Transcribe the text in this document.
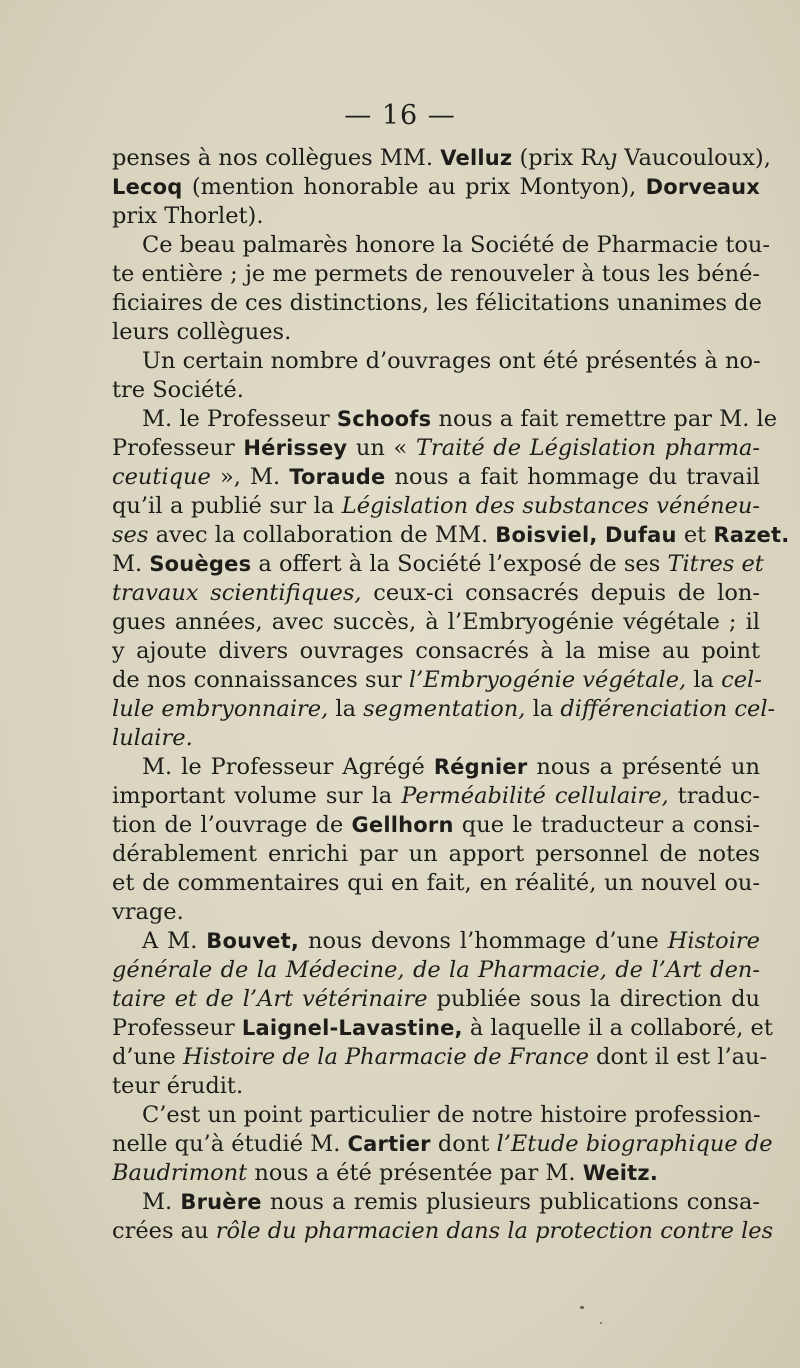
— 16 —
penses à nos collègues MM. Velluz (prix Rᴧȷ Vaucouloux),
Lecoq (mention honorable au prix Montyon), Dorveaux
prix Thorlet).
Ce beau palmarès honore la Société de Pharmacie tou-
te entière ; je me permets de renouveler à tous les béné-
ficiaires de ces distinctions, les félicitations unanimes de
leurs collègues.
Un certain nombre d’ouvrages ont été présentés à no-
tre Société.
M. le Professeur Schoofs nous a fait remettre par M. le
Professeur Hérissey un « Traité de Législation pharma-
ceutique », M. Toraude nous a fait hommage du travail
qu’il a publié sur la Législation des substances vénéneu-
ses avec la collaboration de MM. Boisviel, Dufau et Razet.
M. Souèges a offert à la Société l’exposé de ses Titres et
travaux scientifiques, ceux-ci consacrés depuis de lon-
gues années, avec succès, à l’Embryogénie végétale ; il
y ajoute divers ouvrages consacrés à la mise au point
de nos connaissances sur l’Embryogénie végétale, la cel-
lule embryonnaire, la segmentation, la différenciation cel-
lulaire.
M. le Professeur Agrégé Régnier nous a présenté un
important volume sur la Perméabilité cellulaire, traduc-
tion de l’ouvrage de Gellhorn que le traducteur a consi-
dérablement enrichi par un apport personnel de notes
et de commentaires qui en fait, en réalité, un nouvel ou-
vrage.
A M. Bouvet, nous devons l’hommage d’une Histoire
générale de la Médecine, de la Pharmacie, de l’Art den-
taire et de l’Art vétérinaire publiée sous la direction du
Professeur Laignel-Lavastine, à laquelle il a collaboré, et
d’une Histoire de la Pharmacie de France dont il est l’au-
teur érudit.
C’est un point particulier de notre histoire profession-
nelle qu’à étudié M. Cartier dont l’Etude biographique de
Baudrimont nous a été présentée par M. Weitz.
M. Bruère nous a remis plusieurs publications consa-
crées au rôle du pharmacien dans la protection contre les
